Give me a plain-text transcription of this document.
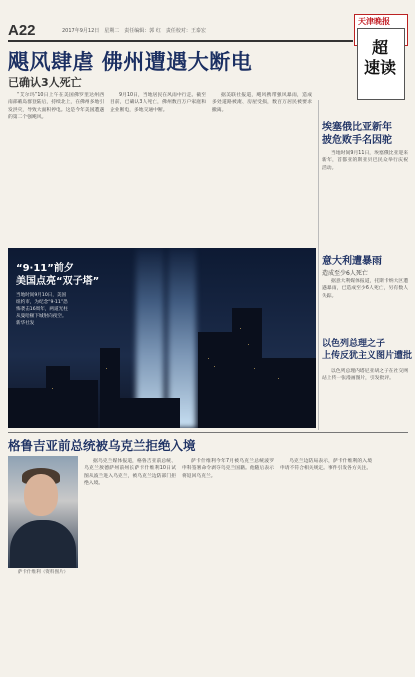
A22	2017年9月12日　星期二　责任编辑：郭 红　责任校对：王泰宏
天津晚报
超
速读
飓风肆虐 佛州遭遇大断电
已确认3人死亡

“艾尔玛”10日上午在美国佛罗里达州西南部礁岛群登陆后，持续北上，在佛州多地引发洪灾，导致大面积停电。这是今年美国遭遇的第二个强飓风。

9月10日，当地居民在风雨中行走。截至目前，已确认3人死亡，佛州数百万户家庭和企业断电，多地交通中断。

据美联社报道，飓风携带强风暴雨，造成多处道路被淹、房屋受损，数百万居民被要求撤离。

“9·11”前夕
美国点亮“双子塔”
当地时间9月10日，美国纽约市，为纪念“9·11”恐怖袭击16周年，两道光柱从曼哈顿下城射向夜空。新华社发
埃塞俄比亚新年
披危败手名因驼

当地时间9月11日，埃塞俄比亚迎来新年，首都亚的斯亚贝巴民众举行庆祝活动。

意大利遭暴雨
造成至少6人死亡

据意大利媒体报道，托斯卡纳大区遭遇暴雨，已造成至少6人死亡，另有数人失踪。

以色列总理之子
上传反犹主义图片遭批

以色列总理内塔尼亚胡之子在社交网站上传一张漫画图片，引发批评。

格鲁吉亚前总统被乌克兰拒绝入境
萨卡什维利（资料图片）

据乌克兰媒体报道，格鲁吉亚前总统、乌克兰敖德萨州前州长萨卡什维利10日试图从波兰进入乌克兰，被乌克兰边防部门拒绝入境。

萨卡什维利今年7月被乌克兰总统波罗申科签署命令剥夺乌克兰国籍。他随后表示将返回乌克兰。

乌克兰边防局表示，萨卡什维利的入境申请不符合相关规定。事件引发各方关注。
